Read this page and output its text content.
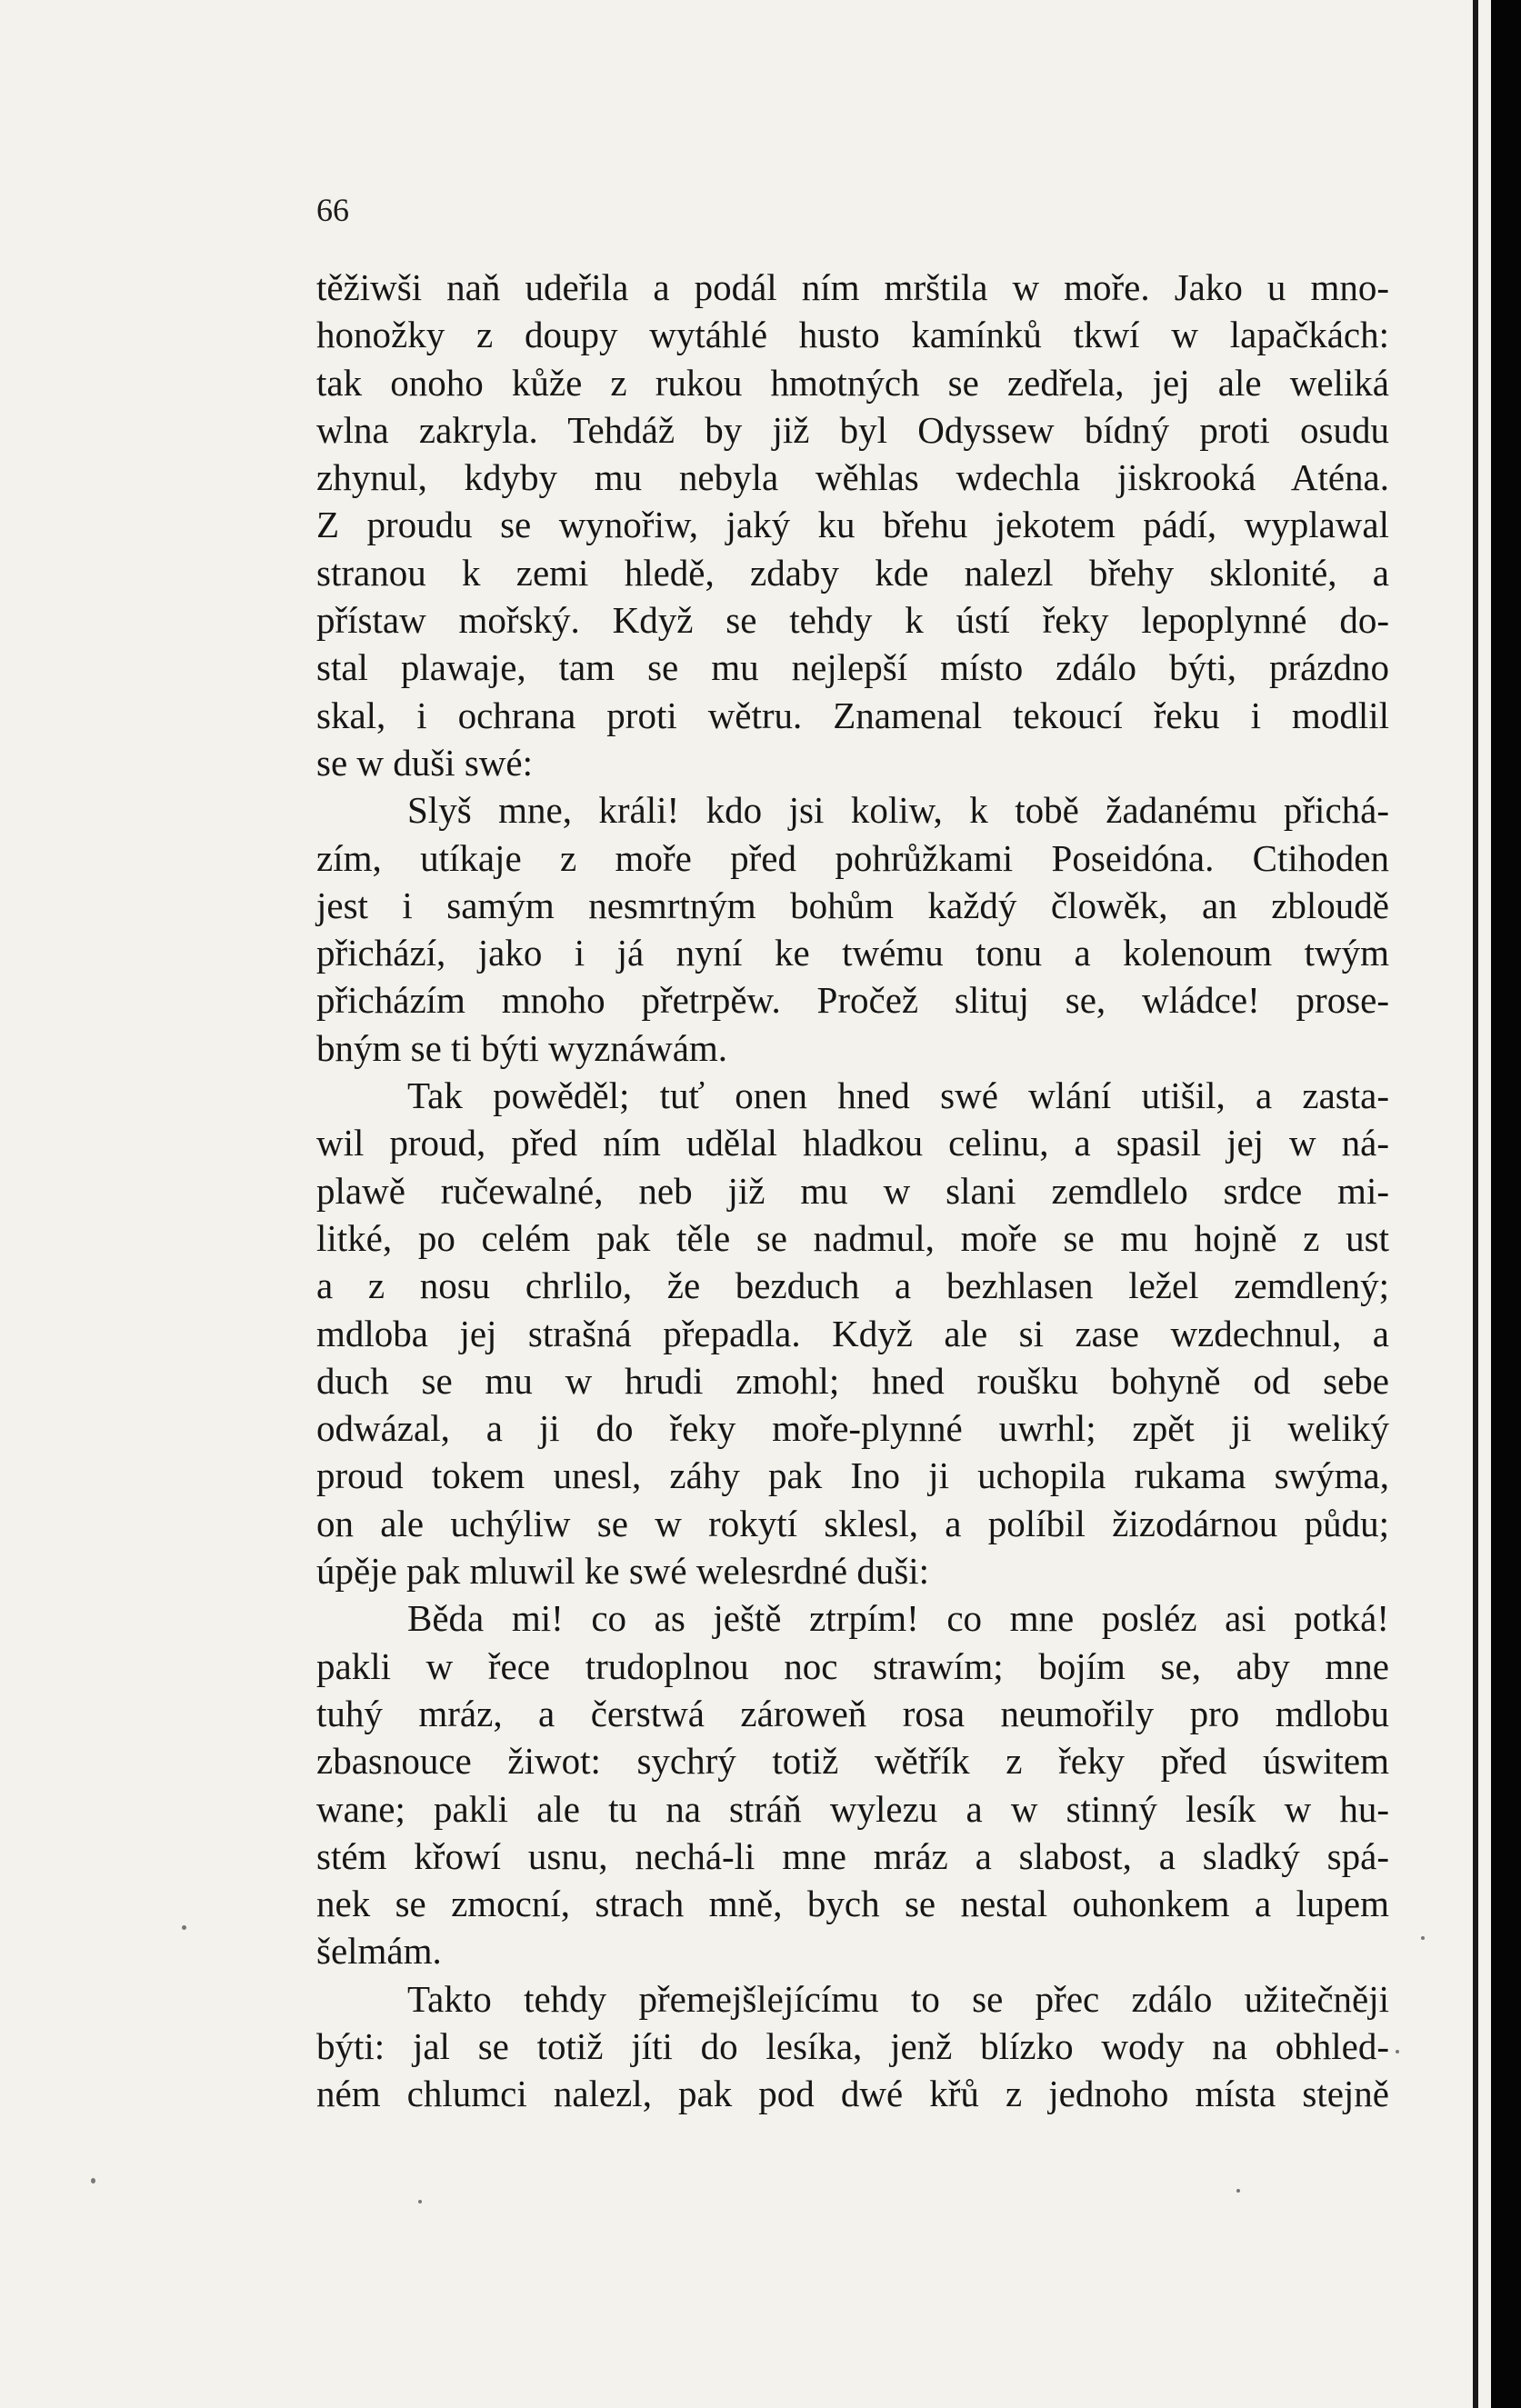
66
těžiwši naň udeřila a podál ním mrštila w moře. Jako u mno-
honožky z doupy wytáhlé husto kamínků tkwí w lapačkách:
tak onoho kůže z rukou hmotných se zedřela, jej ale weliká
wlna zakryla. Tehdáž by již byl Odyssew bídný proti osudu
zhynul, kdyby mu nebyla wěhlas wdechla jiskrooká Aténa.
Z proudu se wynořiw, jaký ku břehu jekotem pádí, wyplawal
stranou k zemi hledě, zdaby kde nalezl břehy sklonité, a
přístaw mořský. Když se tehdy k ústí řeky lepoplynné do-
stal plawaje, tam se mu nejlepší místo zdálo býti, prázdno
skal, i ochrana proti wětru. Znamenal tekoucí řeku i modlil
se w duši swé:
Slyš mne, králi! kdo jsi koliw, k tobě žadanému přichá-
zím, utíkaje z moře před pohrůžkami Poseidóna. Ctihoden
jest i samým nesmrtným bohům každý člowěk, an zbloudě
přichází, jako i já nyní ke twému tonu a kolenoum twým
přicházím mnoho přetrpěw. Pročež slituj se, wládce! prose-
bným se ti býti wyznáwám.
Tak powěděl; tuť onen hned swé wlání utišil, a zasta-
wil proud, před ním udělal hladkou celinu, a spasil jej w ná-
plawě ručewalné, neb již mu w slani zemdlelo srdce mi-
litké, po celém pak těle se nadmul, moře se mu hojně z ust
a z nosu chrlilo, že bezduch a bezhlasen ležel zemdlený;
mdloba jej strašná přepadla. Když ale si zase wzdechnul, a
duch se mu w hrudi zmohl; hned roušku bohyně od sebe
odwázal, a ji do řeky moře-plynné uwrhl; zpět ji weliký
proud tokem unesl, záhy pak Ino ji uchopila rukama swýma,
on ale uchýliw se w rokytí sklesl, a políbil žizodárnou půdu;
úpěje pak mluwil ke swé welesrdné duši:
Běda mi! co as ještě ztrpím! co mne posléz asi potká!
pakli w řece trudoplnou noc strawím; bojím se, aby mne
tuhý mráz, a čerstwá zároweň rosa neumořily pro mdlobu
zbasnouce žiwot: sychrý totiž wětřík z řeky před úswitem
wane; pakli ale tu na stráň wylezu a w stinný lesík w hu-
stém křowí usnu, nechá-li mne mráz a slabost, a sladký spá-
nek se zmocní, strach mně, bych se nestal ouhonkem a lupem
šelmám.
Takto tehdy přemejšlejícímu to se přec zdálo užitečněji
býti: jal se totiž jíti do lesíka, jenž blízko wody na obhled-
ném chlumci nalezl, pak pod dwé křů z jednoho místa stejně
